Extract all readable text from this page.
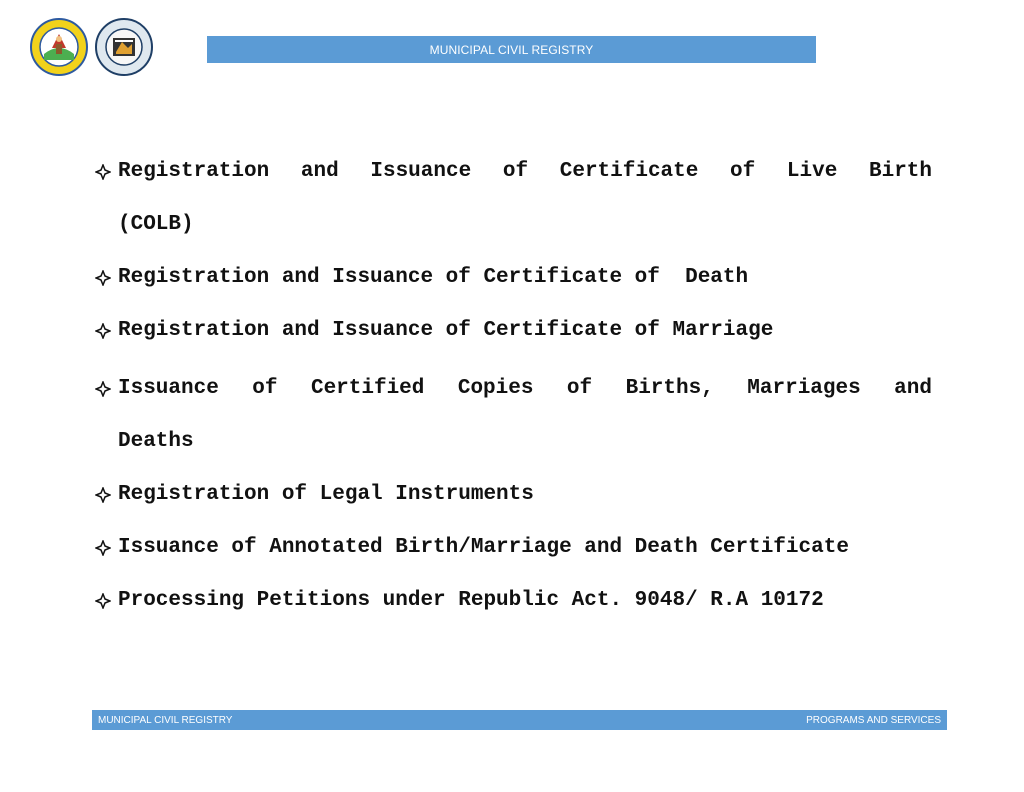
MUNICIPAL CIVIL REGISTRY
Registration and Issuance of Certificate of Live Birth
(COLB)
Registration and Issuance of Certificate of  Death
Registration and Issuance of Certificate of Marriage
Issuance of Certified Copies of Births, Marriages and
Deaths
Registration of Legal Instruments
Issuance of Annotated Birth/Marriage and Death Certificate
Processing Petitions under Republic Act. 9048/ R.A 10172
MUNICIPAL CIVIL REGISTRY	PROGRAMS AND SERVICES
